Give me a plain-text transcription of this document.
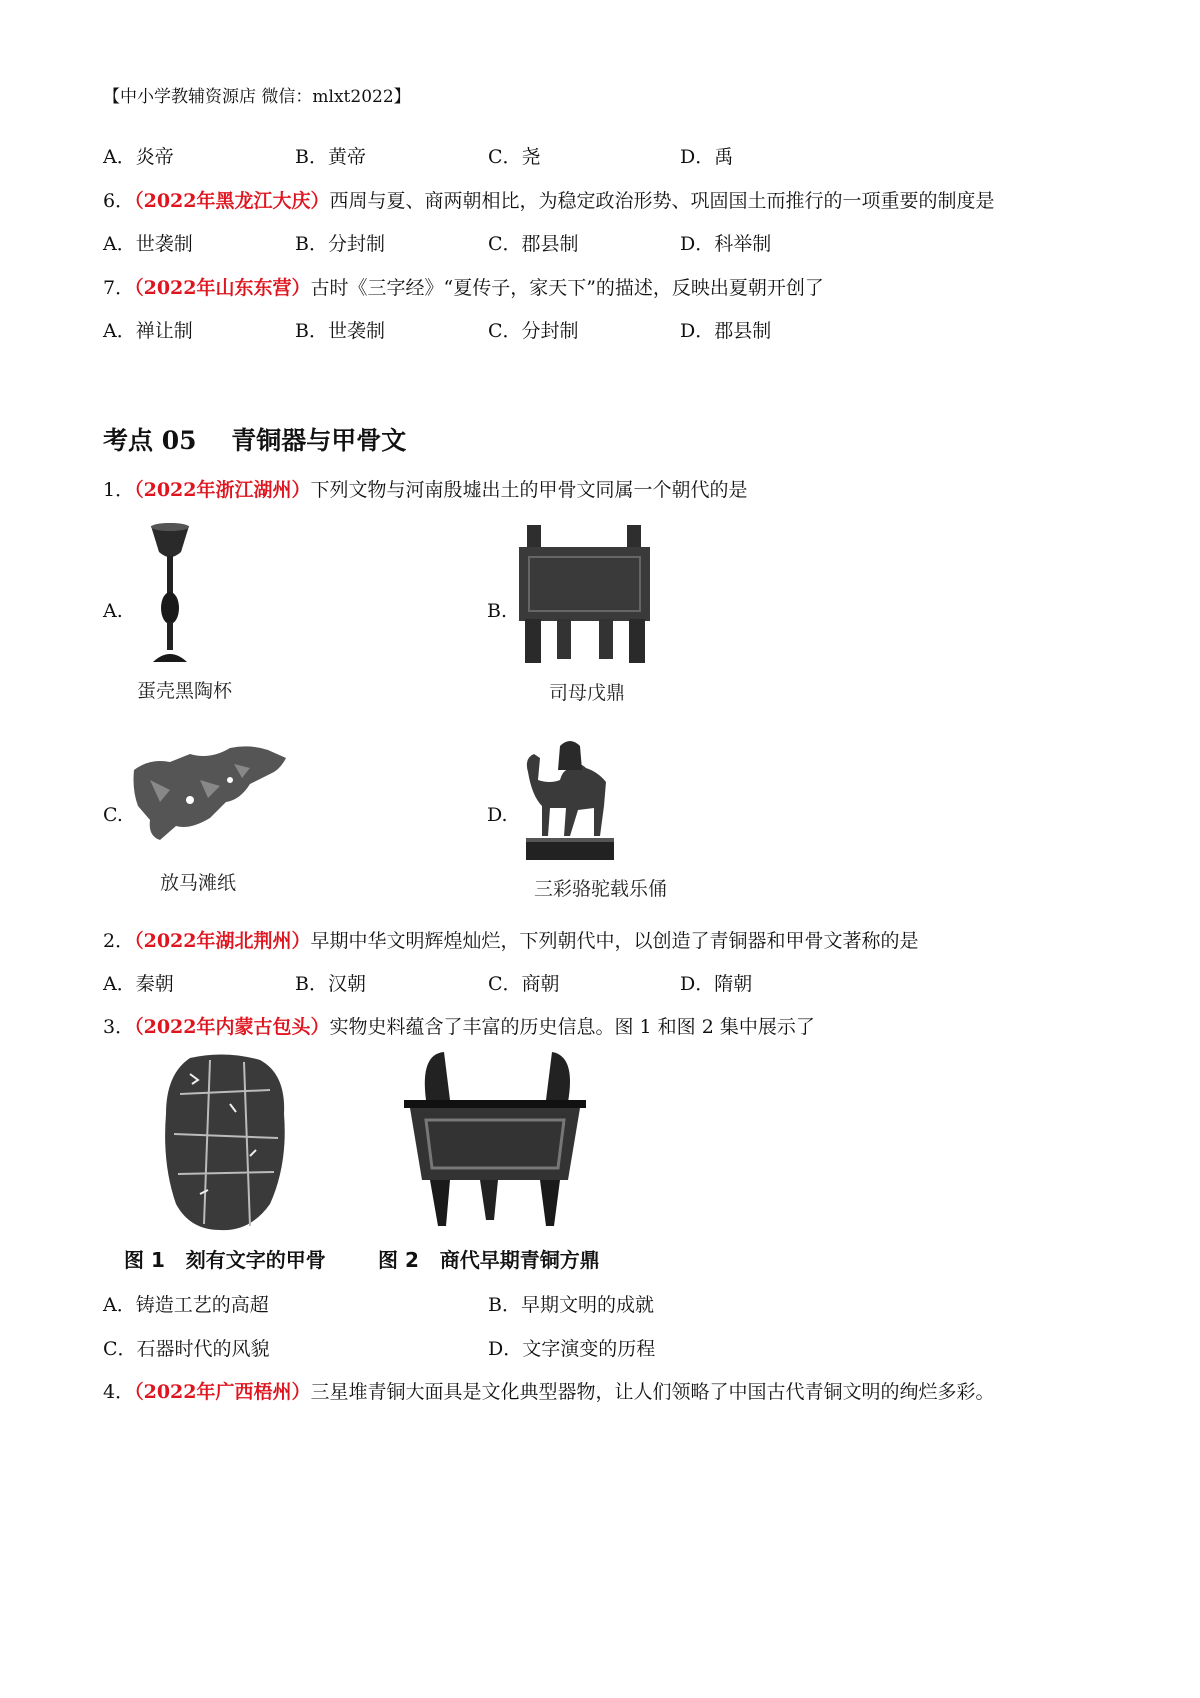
【中小学教辅资源店 微信：mlxt2022】
A．炎帝	B．黄帝	C．尧	D．禹
6．（2022年黑龙江大庆）西周与夏、商两朝相比，为稳定政治形势、巩固国土而推行的一项重要的制度是
A．世袭制	B．分封制	C．郡县制	D．科举制
7．（2022年山东东营）古时《三字经》“夏传子，家天下”的描述，反映出夏朝开创了
A．禅让制	B．世袭制	C．分封制	D．郡县制
考点 05    青铜器与甲骨文
1．（2022年浙江湖州）下列文物与河南殷墟出土的甲骨文同属一个朝代的是
A.
蛋壳黑陶杯
B.
司母戊鼎
C.
放马滩纸
D.
三彩骆驼载乐俑
2．（2022年湖北荆州）早期中华文明辉煌灿烂，下列朝代中，以创造了青铜器和甲骨文著称的是
A．秦朝	B．汉朝	C．商朝	D．隋朝
3．（2022年内蒙古包头）实物史料蕴含了丰富的历史信息。图 1 和图 2 集中展示了
图 1   刻有文字的甲骨	图 2   商代早期青铜方鼎
A．铸造工艺的高超	B．早期文明的成就
C．石器时代的风貌	D．文字演变的历程
4．（2022年广西梧州）三星堆青铜大面具是文化典型器物，让人们领略了中国古代青铜文明的绚烂多彩。
